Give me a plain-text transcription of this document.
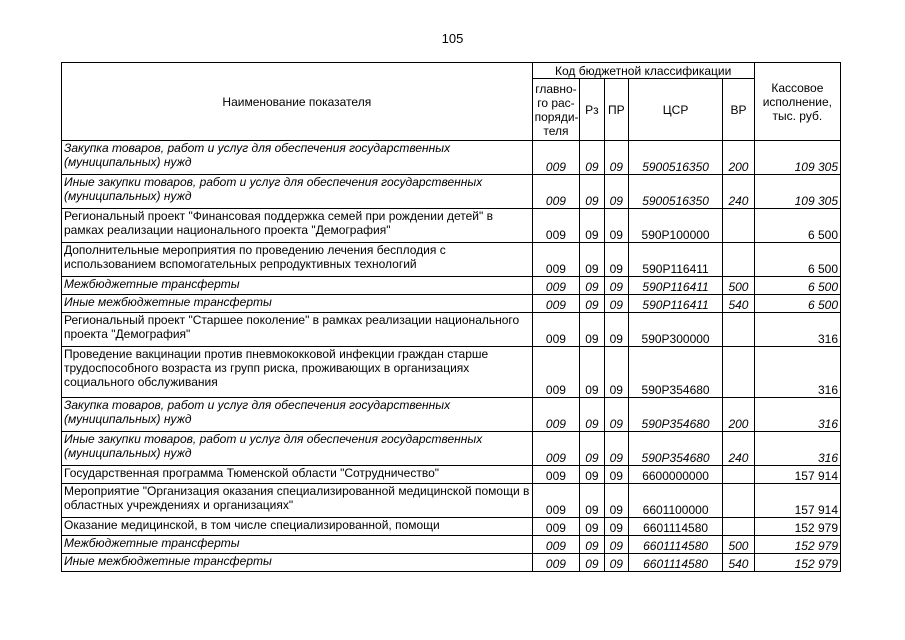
105
Наименование показателя	Код бюджетной классификации					Кассовое исполнение, тыс. руб.
	главно-го рас-поряди-теля	Рз	ПР	ЦСР	ВР	
Закупка товаров, работ и услуг для обеспечения государственных (муниципальных) нужд	009	09	09	5900516350	200	109 305
Иные закупки товаров, работ и услуг для обеспечения государственных (муниципальных) нужд	009	09	09	5900516350	240	109 305
Региональный проект "Финансовая поддержка семей при рождении детей" в рамках реализации национального проекта "Демография"	009	09	09	590Р100000		6 500
Дополнительные мероприятия по проведению лечения бесплодия с использованием вспомогательных репродуктивных технологий	009	09	09	590Р116411		6 500
Межбюджетные трансферты	009	09	09	590Р116411	500	6 500
Иные межбюджетные трансферты	009	09	09	590Р116411	540	6 500
Региональный проект "Старшее поколение" в рамках реализации национального проекта "Демография"	009	09	09	590Р300000		316
Проведение вакцинации против пневмококковой инфекции граждан старше трудоспособного возраста из групп риска, проживающих в организациях социального обслуживания	009	09	09	590Р354680		316
Закупка товаров, работ и услуг для обеспечения государственных (муниципальных) нужд	009	09	09	590Р354680	200	316
Иные закупки товаров, работ и услуг для обеспечения государственных (муниципальных) нужд	009	09	09	590Р354680	240	316
Государственная программа Тюменской области "Сотрудничество"	009	09	09	6600000000		157 914
Мероприятие "Организация оказания специализированной медицинской помощи в областных учреждениях и организациях"	009	09	09	6601100000		157 914
Оказание медицинской, в том числе специализированной, помощи	009	09	09	6601114580		152 979
Межбюджетные трансферты	009	09	09	6601114580	500	152 979
Иные межбюджетные трансферты	009	09	09	6601114580	540	152 979
